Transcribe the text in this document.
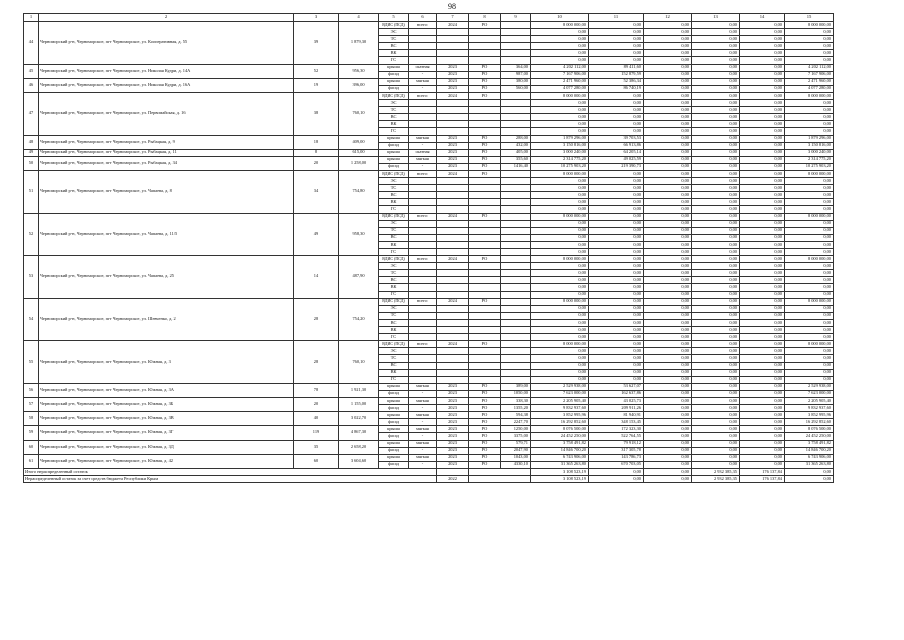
98
1	2	3	4	5	6	7	8	9	10	11	12	13	14	15
44	Черноморский р-н, Черноморское, пгт Черноморское, ул. Кооперативная, д. 55	39	1 879,30	ВДИС (ПСД)	всего:	2024	РО		8 000 000,00	0,00	0,00	0,00	0,00	8 000 000,00
				ЭС					0,00	0,00	0,00	0,00	0,00	0,00
				ТС					0,00	0,00	0,00	0,00	0,00	0,00
				ВС					0,00	0,00	0,00	0,00	0,00	0,00
				ВК					0,00	0,00	0,00	0,00	0,00	0,00
				ГС					0,00	0,00	0,00	0,00	0,00	0,00
45	Черноморский р-н, Черноморское, пгт Черноморское, ул. Николая Кудри, д. 14А	52	956,30	крыша	скатная	2023	РО	364,00	4 202 112,00	89 411,60	0,00	0,00	0,00	4 202 112,00
				фасад	-	2023	РО	987,00	7 167 906,00	152 879,59	0,00	0,00	0,00	7 167 906,00
46	Черноморский р-н, Черноморское, пгт Черноморское, ул. Николая Кудри, д. 16А	19	396,00	крыша	мягкая	2023	РО	380,00	2 471 960,00	52 386,34	0,00	0,00	0,00	2 471 960,00
				фасад	-	2023	РО	560,00	4 077 280,00	86 740,19	0,00	0,00	0,00	4 077 280,00
47	Черноморский р-н, Черноморское, пгт Черноморское, ул. Первомайская, д. 16	38	760,10	ВДИС (ПСД)	всего:	2024	РО		8 000 000,00	0,00	0,00	0,00	0,00	8 000 000,00
				ЭС					0,00	0,00	0,00	0,00	0,00	0,00
				ТС					0,00	0,00	0,00	0,00	0,00	0,00
				ВС					0,00	0,00	0,00	0,00	0,00	0,00
				ВК					0,00	0,00	0,00	0,00	0,00	0,00
				ГС					0,00	0,00	0,00	0,00	0,00	0,00
48	Черноморский р-н, Черноморское, пгт Черноморское, ул. Рыбацкая, д. 9	18	409,00	крыша	мягкая	2023	РО	288,00	1 879 296,00	39 703,53	0,00	0,00	0,00	1 879 296,00
				фасад	-	2023	РО	432,00	3 150 816,00	66 913,86	0,00	0,00	0,00	3 150 816,00
49	Черноморский р-н, Черноморское, пгт Черноморское, ул. Рыбацкая, д. 11	8	615,00	крыша	скатная	2023	РО	405,00	3 000 240,00	64 205,14	0,00	0,00	0,00	3 000 240,00
50	Черноморский р-н, Черноморское, пгт Черноморское, ул. Рыбацкая, д. 34	20	1 258,00	крыша	мягкая	2023	РО	355,60	2 314 775,20	49 025,59	0,00	0,00	0,00	2 314 775,20
				фасад	-	2023	РО	1416,40	10 275 903,20	219 390,73	0,00	0,00	0,00	10 275 903,20
51	Черноморский р-н, Черноморское, пгт Черноморское, ул. Чапаева, д. 8	34	754,80	ВДИС (ПСД)	всего:	2024	РО		8 000 000,00	0,00	0,00	0,00	0,00	8 000 000,00
				ЭС					0,00	0,00	0,00	0,00	0,00	0,00
				ТС					0,00	0,00	0,00	0,00	0,00	0,00
				ВС					0,00	0,00	0,00	0,00	0,00	0,00
				ВК					0,00	0,00	0,00	0,00	0,00	0,00
				ГС					0,00	0,00	0,00	0,00	0,00	0,00
52	Черноморский р-н, Черноморское, пгт Черноморское, ул. Чапаева, д. 11/5	49	958,30	ВДИС (ПСД)	всего:	2024	РО		8 000 000,00	0,00	0,00	0,00	0,00	8 000 000,00
				ЭС					0,00	0,00	0,00	0,00	0,00	0,00
				ТС					0,00	0,00	0,00	0,00	0,00	0,00
				ВС					0,00	0,00	0,00	0,00	0,00	0,00
				ВК					0,00	0,00	0,00	0,00	0,00	0,00
				ГС					0,00	0,00	0,00	0,00	0,00	0,00
53	Черноморский р-н, Черноморское, пгт Черноморское, ул. Чапаева, д. 25	14	487,90	ВДИС (ПСД)	всего:	2024	РО		8 000 000,00	0,00	0,00	0,00	0,00	8 000 000,00
				ЭС					0,00	0,00	0,00	0,00	0,00	0,00
				ТС					0,00	0,00	0,00	0,00	0,00	0,00
				ВС					0,00	0,00	0,00	0,00	0,00	0,00
				ВК					0,00	0,00	0,00	0,00	0,00	0,00
				ГС					0,00	0,00	0,00	0,00	0,00	0,00
54	Черноморский р-н, Черноморское, пгт Черноморское, ул. Шевченко, д. 2	28	754,20	ВДИС (ПСД)	всего:	2024	РО		8 000 000,00	0,00	0,00	0,00	0,00	8 000 000,00
				ЭС					0,00	0,00	0,00	0,00	0,00	0,00
				ТС					0,00	0,00	0,00	0,00	0,00	0,00
				ВС					0,00	0,00	0,00	0,00	0,00	0,00
				ВК					0,00	0,00	0,00	0,00	0,00	0,00
				ГС					0,00	0,00	0,00	0,00	0,00	0,00
55	Черноморский р-н, Черноморское, пгт Черноморское, ул. Южная, д. 3	28	760,10	ВДИС (ПСД)	всего:	2024	РО		8 000 000,00	0,00	0,00	0,00	0,00	8 000 000,00
				ЭС					0,00	0,00	0,00	0,00	0,00	0,00
				ТС					0,00	0,00	0,00	0,00	0,00	0,00
				ВС					0,00	0,00	0,00	0,00	0,00	0,00
				ВК					0,00	0,00	0,00	0,00	0,00	0,00
				ГС					0,00	0,00	0,00	0,00	0,00	0,00
56	Черноморский р-н, Черноморское, пгт Черноморское, ул. Южная, д. 3А	78	1 921,30	крыша	мягкая	2023	РО	389,00	2 529 938,00	53 627,07	0,00	0,00	0,00	2 529 938,00
				фасад	-	2023	РО	1050,00	7 623 000,00	162 637,86	0,00	0,00	0,00	7 623 000,00
57	Черноморский р-н, Черноморское, пгт Черноморское, ул. Южная, д. 3Б	20	1 155,00	крыша	мягкая	2023	РО	338,30	2 205 905,40	43 025,73	0,00	0,00	0,00	2 205 905,40
				фасад	-	2023	РО	1355,20	9 832 937,60	209 911,26	0,00	0,00	0,00	9 832 937,60
58	Черноморский р-н, Черноморское, пгт Черноморское, ул. Южная, д. 3В	40	3 022,70	крыша	мягкая	2023	РО	594,38	3 852 995,96	81 940,91	0,00	0,00	0,00	3 852 995,96
				фасад	-	2023	РО	2247,70	16 292 852,60	348 153,45	0,00	0,00	0,00	16 292 852,60
59	Черноморский р-н, Черноморское, пгт Черноморское, ул. Южная, д. 3Г	119	4 867,30	крыша	мягкая	2023	РО	1250,00	8 076 500,00	172 323,30	0,00	0,00	0,00	8 076 500,00
				фасад	-	2023	РО	3375,00	24 452 250,00	522 764,55	0,00	0,00	0,00	24 452 250,00
60	Черноморский р-н, Черноморское, пгт Черноморское, ул. Южная, д. 3Д	35	2 658,20	крыша	мягкая	2023	РО	579,71	3 758 491,82	79 918,12	0,00	0,00	0,00	3 758 491,82
				фасад	-	2023	РО	2047,90	14 846 700,20	317 305,78	0,00	0,00	0,00	14 846 700,20
61	Черноморский р-н, Черноморское, пгт Черноморское, ул. Южная, д. 42	60	3 604,60	крыша	мягкая	2023	РО	1043,00	6 743 906,00	143 786,73	0,00	0,00	0,00	6 743 906,00
				фасад	-	2023	РО	4330,10	31 365 263,80	670 703,05	0,00	0,00	0,00	31 365 263,80
Итого нераспределенный остаток									3 108 523,19	0,00	0,00	2 932 385,35	176 137,84	0,00
Нераспределенный остаток за счет средств бюджета Республики Крым						2022			3 108 523,19	0,00	0,00	2 932 385,35	176 137,84	0,00
